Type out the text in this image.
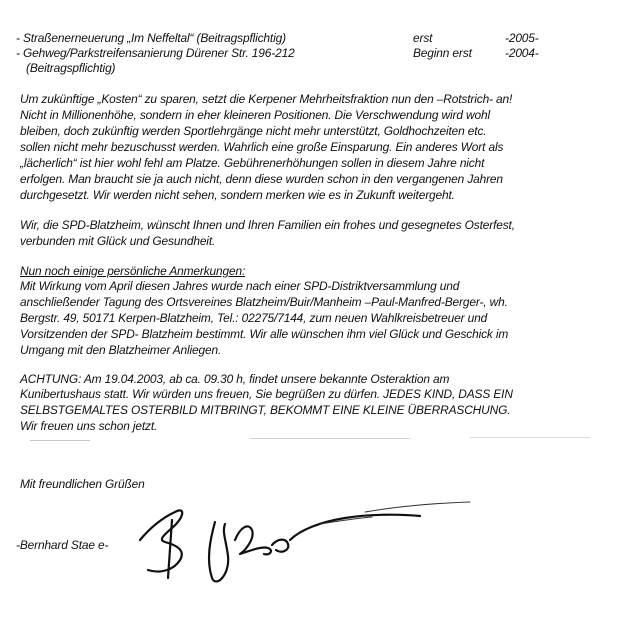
- Straßenerneuerung „Im Neffeltal“ (Beitragspflichtig)	erst	-2005-
- Gehweg/Parkstreifensanierung Dürener Str. 196-212	Beginn erst	-2004-
(Beitragspflichtig)
Um zukünftige „Kosten“ zu sparen, setzt die Kerpener Mehrheitsfraktion nun den –Rotstrich- an!
Nicht in Millionenhöhe, sondern in eher kleineren Positionen. Die Verschwendung wird wohl
bleiben, doch zukünftig werden Sportlehrgänge nicht mehr unterstützt, Goldhochzeiten etc.
sollen nicht mehr bezuschusst werden. Wahrlich eine große Einsparung. Ein anderes Wort als
„lächerlich“ ist hier wohl fehl am Platze. Gebührenerhöhungen sollen in diesem Jahre nicht
erfolgen. Man braucht sie ja auch nicht, denn diese wurden schon in den vergangenen Jahren
durchgesetzt. Wir werden nicht sehen, sondern merken wie es in Zukunft weitergeht.
Wir, die SPD-Blatzheim, wünscht Ihnen und Ihren Familien ein frohes und gesegnetes Osterfest,
verbunden mit Glück und Gesundheit.
Nun noch einige persönliche Anmerkungen:
Mit Wirkung vom April diesen Jahres wurde nach einer SPD-Distriktversammlung und
anschließender Tagung des Ortsvereines Blatzheim/Buir/Manheim –Paul-Manfred-Berger-, wh.
Bergstr. 49, 50171 Kerpen-Blatzheim, Tel.: 02275/7144, zum neuen Wahlkreisbetreuer und
Vorsitzenden der SPD- Blatzheim bestimmt. Wir alle wünschen ihm viel Glück und Geschick im
Umgang mit den Blatzheimer Anliegen.
ACHTUNG: Am 19.04.2003, ab ca. 09.30 h, findet unsere bekannte Osteraktion am
Kunibertushaus statt. Wir würden uns freuen, Sie begrüßen zu dürfen. JEDES KIND, DASS EIN
SELBSTGEMALTES OSTERBILD MITBRINGT, BEKOMMT EINE KLEINE ÜBERRASCHUNG.
Wir freuen uns schon jetzt.
Mit freundlichen Grüßen
-Bernhard Stae e-
